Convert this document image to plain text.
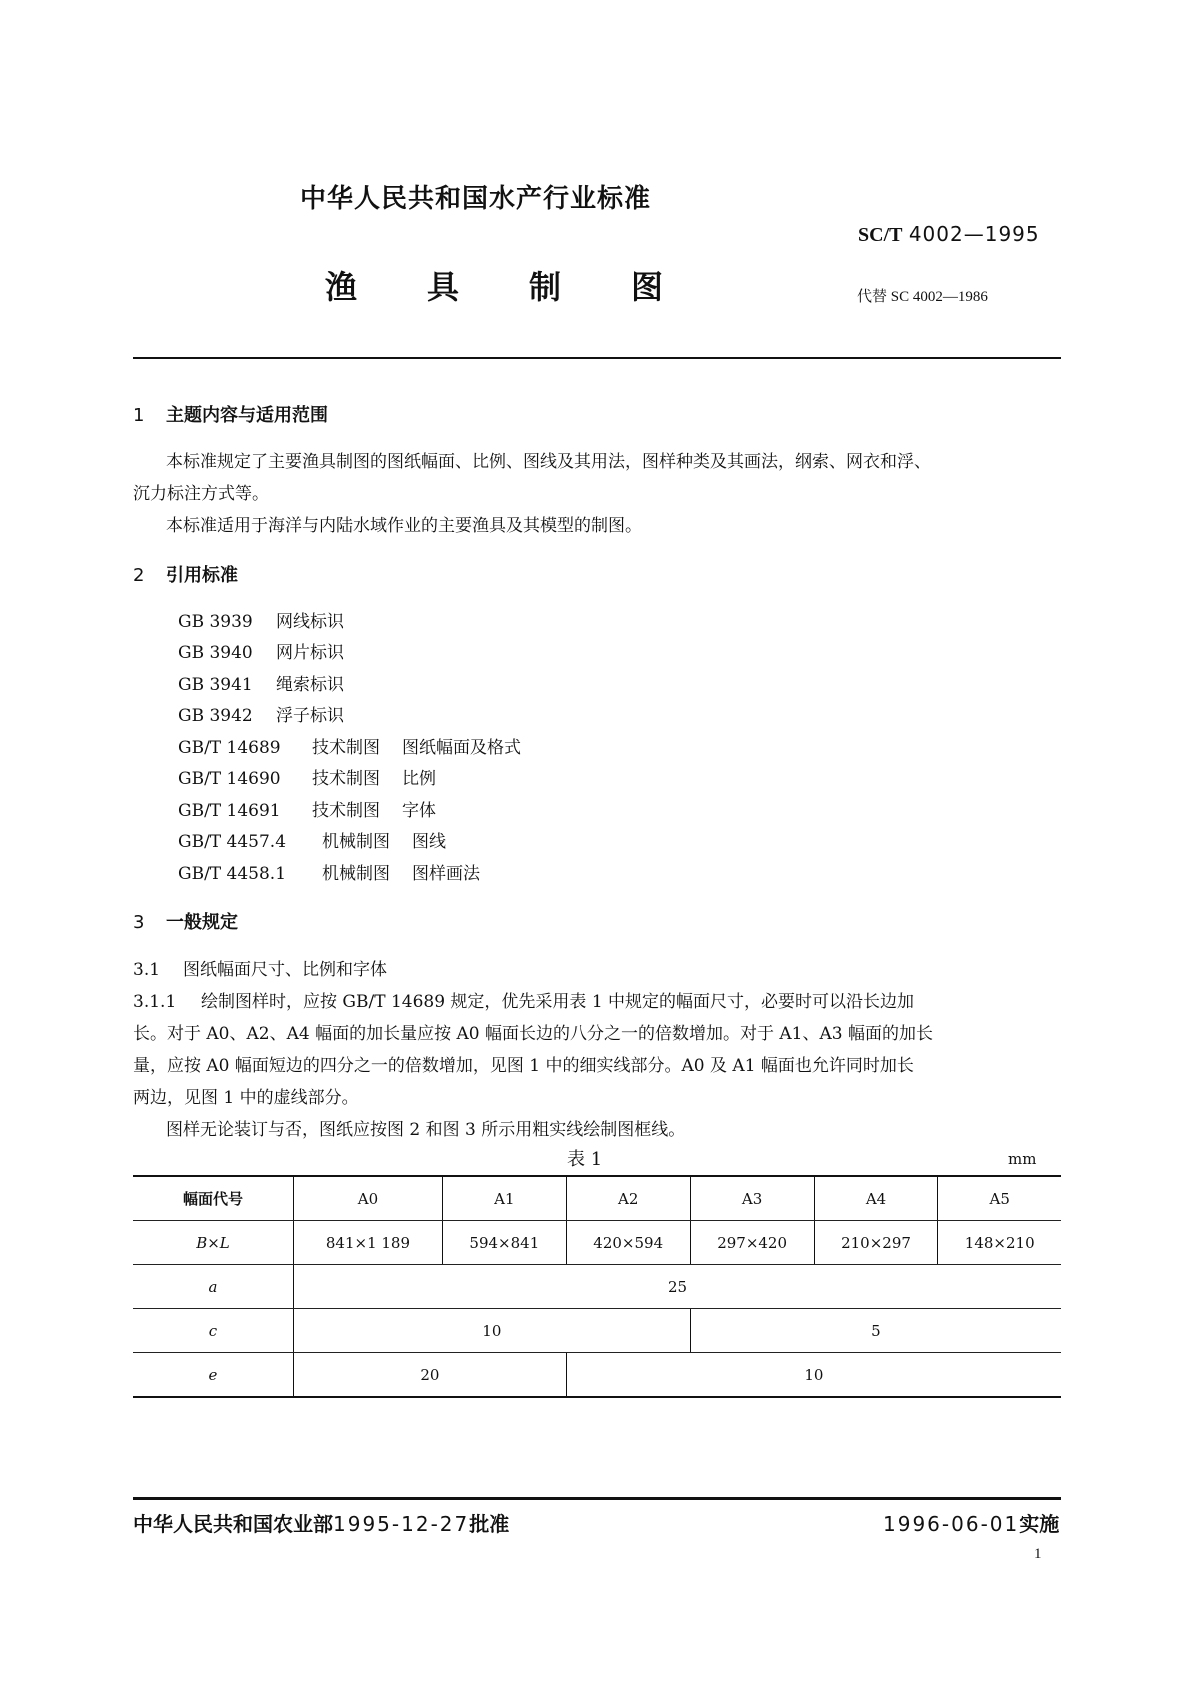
中华人民共和国水产行业标准
SC/T 4002—1995
渔 具 制 图	代替 SC 4002—1986
1 主题内容与适用范围
本标准规定了主要渔具制图的图纸幅面、比例、图线及其用法，图样种类及其画法，纲索、网衣和浮、
沉力标注方式等。
本标准适用于海洋与内陆水域作业的主要渔具及其模型的制图。
2 引用标准
GB 3939 网线标识
GB 3940 网片标识
GB 3941 绳索标识
GB 3942 浮子标识
GB/T 14689 技术制图 图纸幅面及格式
GB/T 14690 技术制图 比例
GB/T 14691 技术制图 字体
GB/T 4457.4 机械制图 图线
GB/T 4458.1 机械制图 图样画法
3 一般规定
3.1 图纸幅面尺寸、比例和字体
3.1.1 绘制图样时，应按 GB/T 14689 规定，优先采用表 1 中规定的幅面尺寸，必要时可以沿长边加
长。对于 A0、A2、A4 幅面的加长量应按 A0 幅面长边的八分之一的倍数增加。对于 A1、A3 幅面的加长
量，应按 A0 幅面短边的四分之一的倍数增加，见图 1 中的细实线部分。A0 及 A1 幅面也允许同时加长
两边，见图 1 中的虚线部分。
图样无论装订与否，图纸应按图 2 和图 3 所示用粗实线绘制图框线。
表 1	mm
幅面代号	A0	A1	A2	A3	A4	A5
B×L	841×1 189	594×841	420×594	297×420	210×297	148×210
a	25					
c	10			5		
e	20		10			
中华人民共和国农业部1995-12-27批准	1996-06-01实施
1
